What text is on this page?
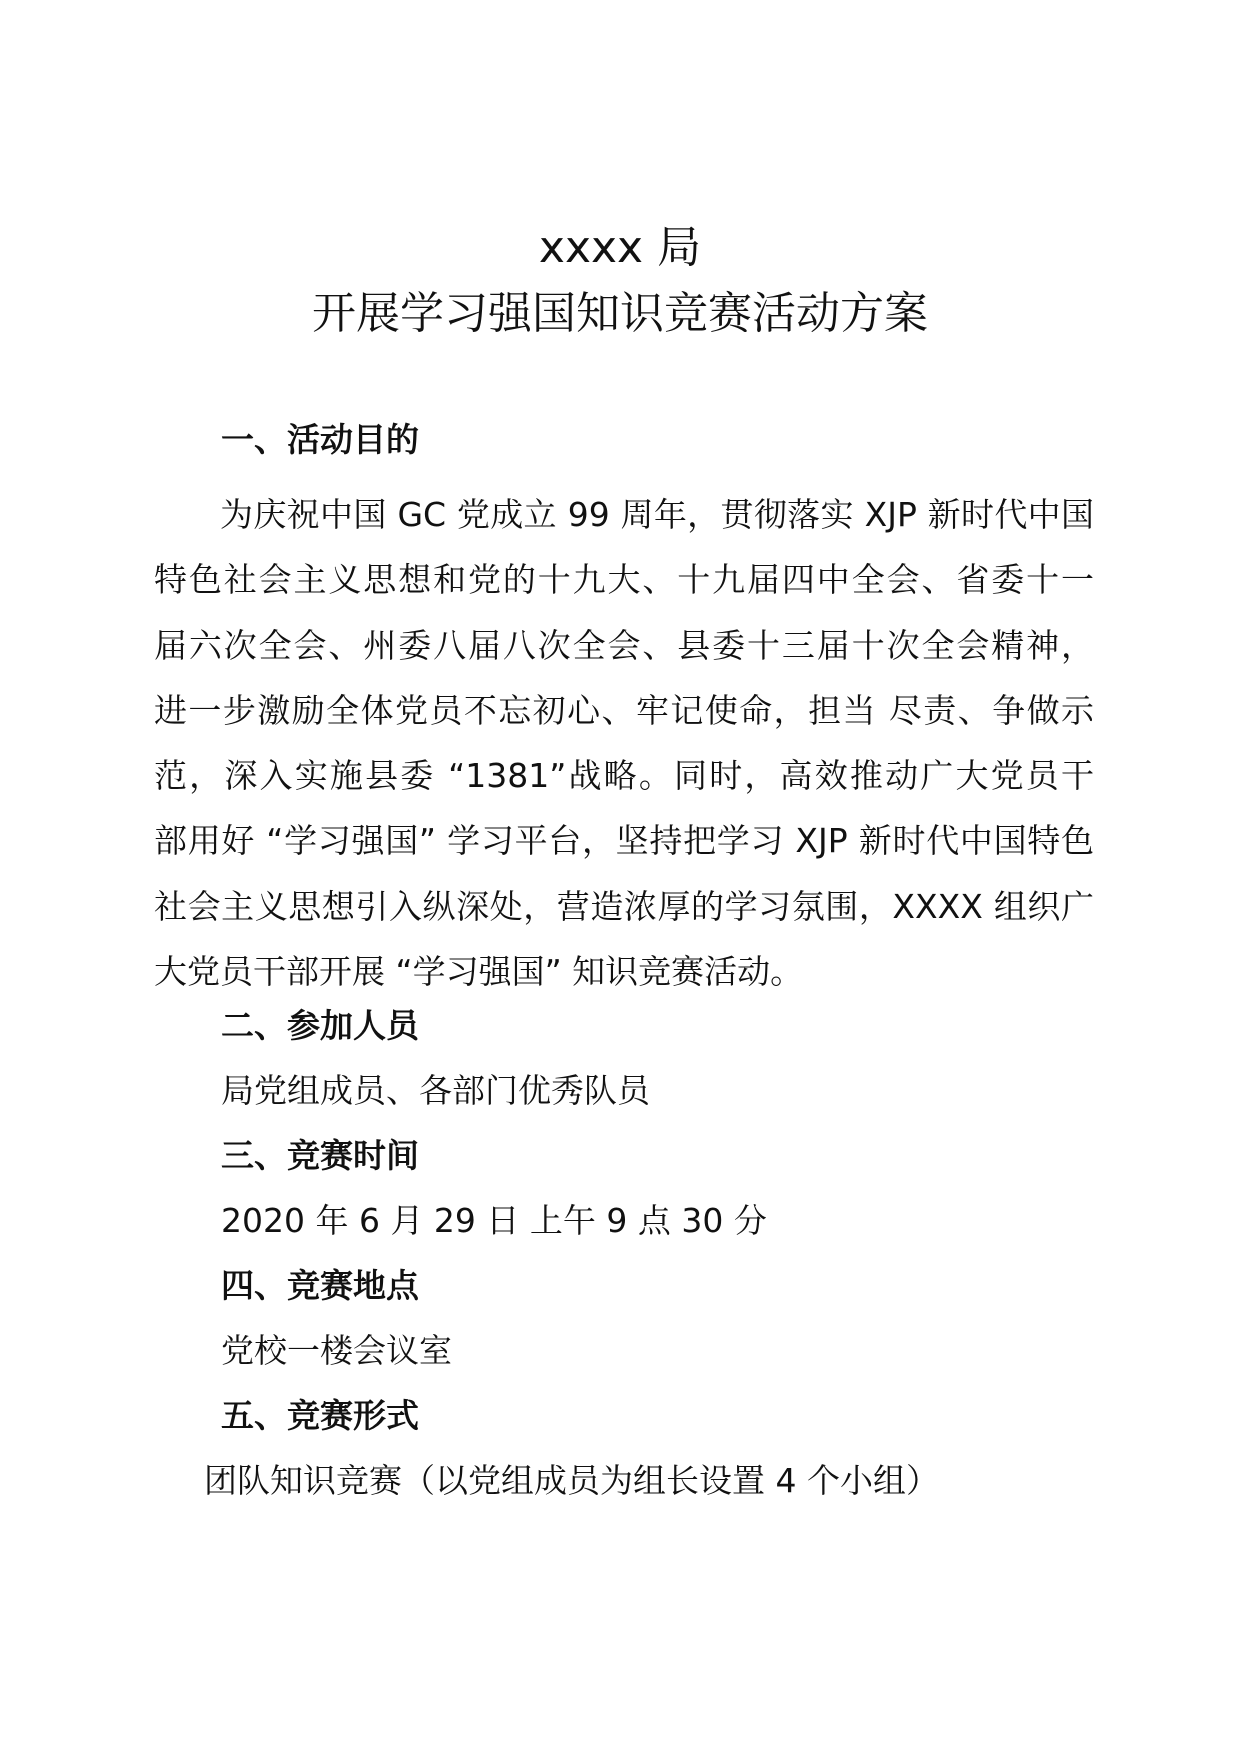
xxxx 局
开展学习强国知识竞赛活动方案
一、活动目的
为庆祝中国 GC 党成立 99 周年，贯彻落实 XJP 新时代中国
特色社会主义思想和党的十九大、十九届四中全会、省委十一
届六次全会、州委八届八次全会、县委十三届十次全会精神，
进一步激励全体党员不忘初心、牢记使命，担当 尽责、争做示
范，深入实施县委 “1381”战略。同时，高效推动广大党员干
部用好 “学习强国” 学习平台，坚持把学习 XJP 新时代中国特色
社会主义思想引入纵深处，营造浓厚的学习氛围，XXXX 组织广
大党员干部开展 “学习强国” 知识竞赛活动。
二、参加人员

局党组成员、各部门优秀队员

三、竞赛时间

2020 年 6 月 29 日 上午 9 点 30 分

四、竞赛地点

党校一楼会议室

五、竞赛形式

团队知识竞赛（以党组成员为组长设置 4 个小组）
